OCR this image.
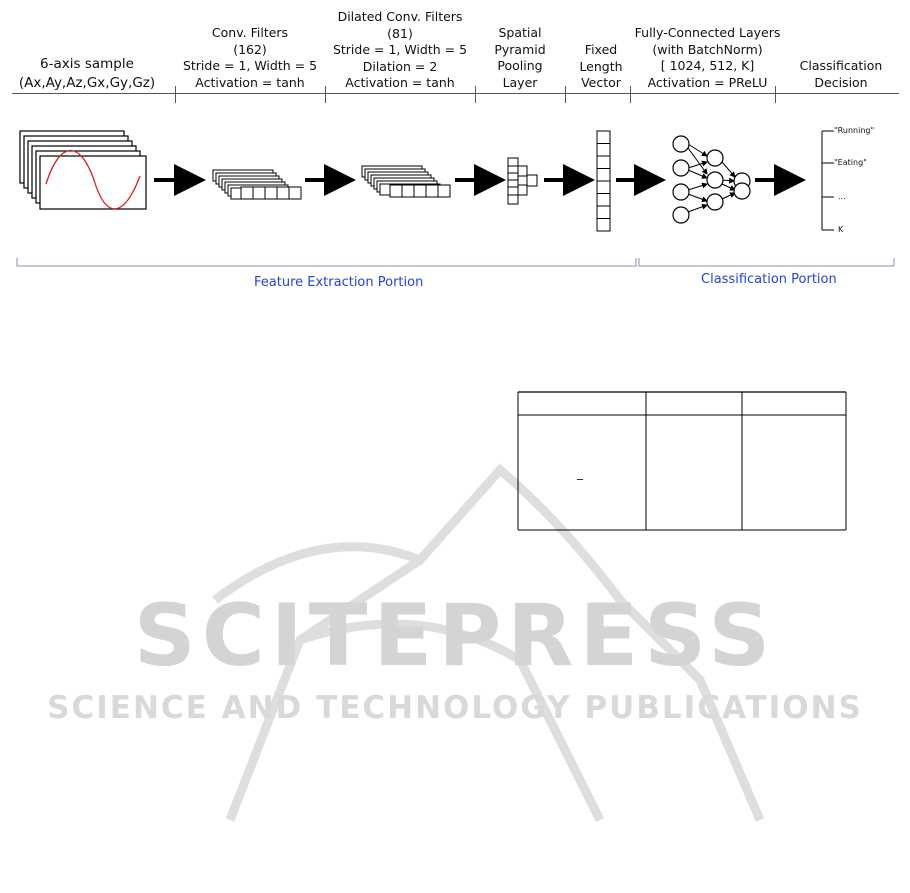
SCITEPRESS
SCIENCE AND TECHNOLOGY PUBLICATIONS
6-axis sample
(Ax,Ay,Az,Gx,Gy,Gz)
Conv. Filters
(162)
Stride = 1, Width = 5
Activation = tanh
Dilated Conv. Filters
(81)
Stride = 1, Width = 5
Dilation = 2
Activation = tanh
Spatial
Pyramid
Pooling
Layer
Fixed
Length
Vector
Fully-Connected Layers
(with BatchNorm)
[ 1024, 512, K]
Activation = PReLU
Classification
Decision
"Running"
"Eating"
...
K
Feature Extraction Portion	Classification Portion
_
